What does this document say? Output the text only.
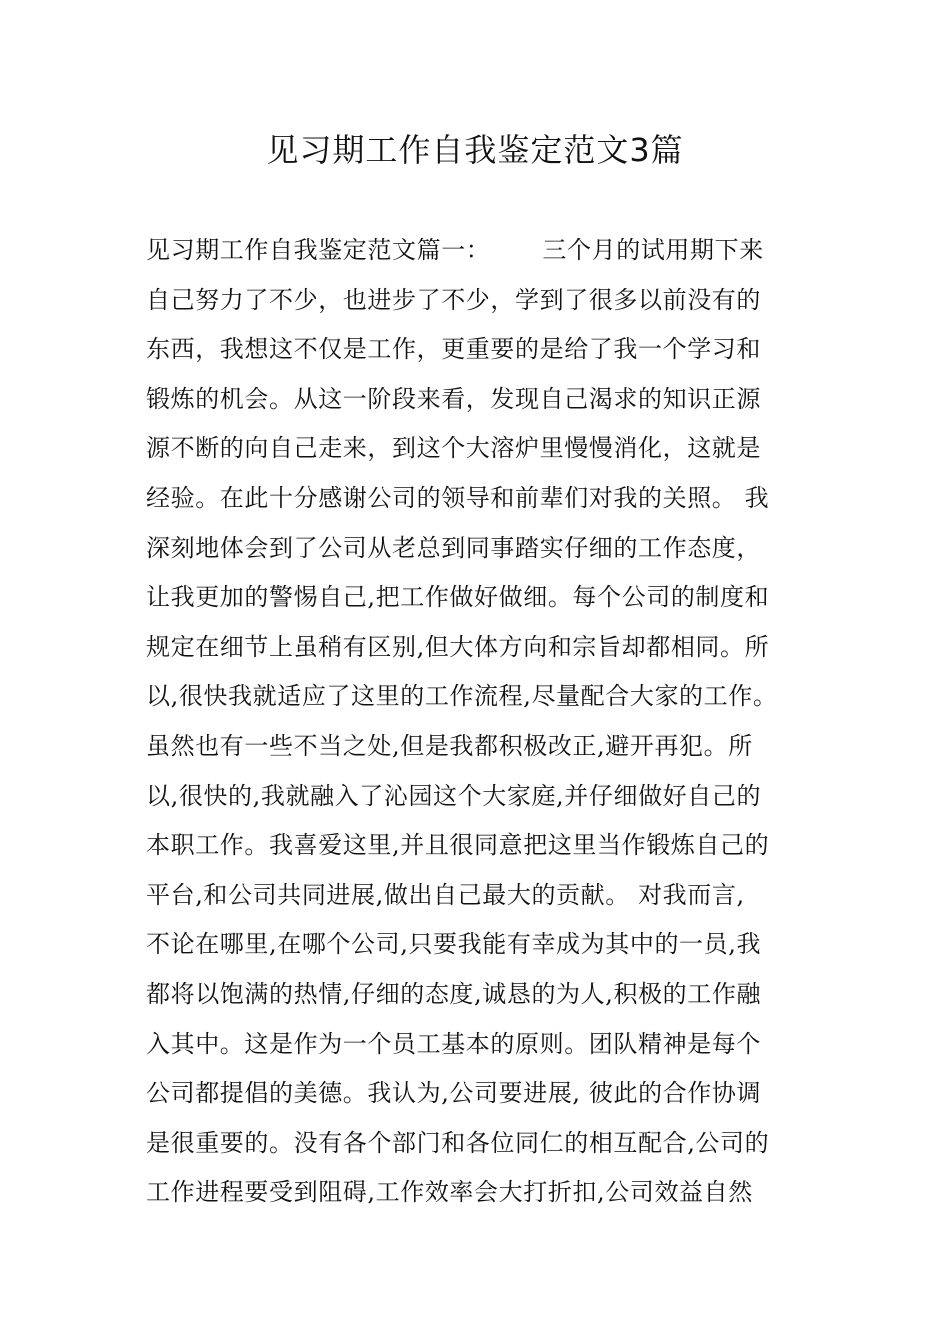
见习期工作自我鉴定范文3篇
见习期工作自我鉴定范文篇一： 三个月的试用期下来
自己努力了不少，也进步了不少，学到了很多以前没有的
东西，我想这不仅是工作，更重要的是给了我一个学习和
锻炼的机会。从这一阶段来看，发现自己渴求的知识正源
源不断的向自己走来，到这个大溶炉里慢慢消化，这就是
经验。在此十分感谢公司的领导和前辈们对我的关照。 我
深刻地体会到了公司从老总到同事踏实仔细的工作态度，
让我更加的警惕自己,把工作做好做细。每个公司的制度和
规定在细节上虽稍有区别,但大体方向和宗旨却都相同。所
以,很快我就适应了这里的工作流程,尽量配合大家的工作。
虽然也有一些不当之处,但是我都积极改正,避开再犯。所
以,很快的,我就融入了沁园这个大家庭,并仔细做好自己的
本职工作。我喜爱这里,并且很同意把这里当作锻炼自己的
平台,和公司共同进展,做出自己最大的贡献。 对我而言,
不论在哪里,在哪个公司,只要我能有幸成为其中的一员,我
都将以饱满的热情,仔细的态度,诚恳的为人,积极的工作融
入其中。这是作为一个员工基本的原则。团队精神是每个
公司都提倡的美德。我认为,公司要进展, 彼此的合作协调
是很重要的。没有各个部门和各位同仁的相互配合,公司的
工作进程要受到阻碍,工作效率会大打折扣,公司效益自然
